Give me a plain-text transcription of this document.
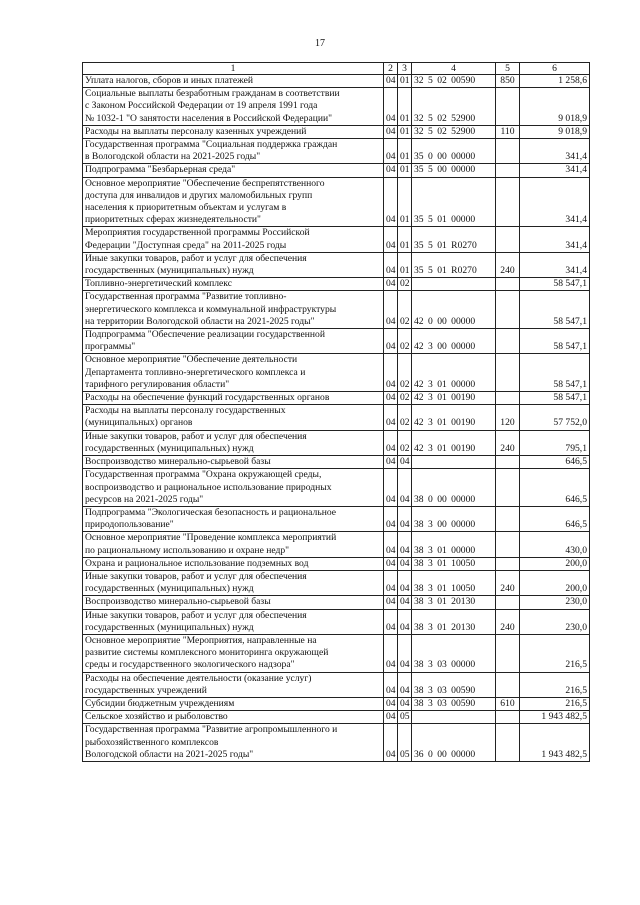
17
1	2	3	4	5	6
Уплата налогов, сборов и иных платежей	04	01	32 5 02 00590	850	1 258,6
Социальные выплаты безработным гражданам в соответствии
с Законом Российской Федерации от 19 апреля 1991 года
№ 1032-1 "О занятости населения в Российской Федерации"	04	01	32 5 02 52900		9 018,9
Расходы на выплаты персоналу казенных учреждений	04	01	32 5 02 52900	110	9 018,9
Государственная программа "Социальная поддержка граждан
в Вологодской области на 2021-2025 годы"	04	01	35 0 00 00000		341,4
Подпрограмма "Безбарьерная среда"	04	01	35 5 00 00000		341,4
Основное мероприятие "Обеспечение беспрепятственного
доступа для инвалидов и других маломобильных групп
населения к приоритетным объектам и услугам в
приоритетных сферах жизнедеятельности"	04	01	35 5 01 00000		341,4
Мероприятия государственной программы Российской
Федерации "Доступная среда" на 2011-2025 годы	04	01	35 5 01 R0270		341,4
Иные закупки товаров, работ и услуг для обеспечения
государственных (муниципальных) нужд	04	01	35 5 01 R0270	240	341,4
Топливно-энергетический комплекс	04	02			58 547,1
Государственная программа "Развитие топливно-
энергетического комплекса и коммунальной инфраструктуры
на территории Вологодской области на 2021-2025 годы"	04	02	42 0 00 00000		58 547,1
Подпрограмма "Обеспечение реализации государственной
программы"	04	02	42 3 00 00000		58 547,1
Основное мероприятие "Обеспечение деятельности
Департамента топливно-энергетического комплекса и
тарифного регулирования области"	04	02	42 3 01 00000		58 547,1
Расходы на обеспечение функций государственных органов	04	02	42 3 01 00190		58 547,1
Расходы на выплаты персоналу государственных
(муниципальных) органов	04	02	42 3 01 00190	120	57 752,0
Иные закупки товаров, работ и услуг для обеспечения
государственных (муниципальных) нужд	04	02	42 3 01 00190	240	795,1
Воспроизводство минерально-сырьевой базы	04	04			646,5
Государственная программа "Охрана окружающей среды,
воспроизводство и рациональное использование природных
ресурсов на 2021-2025 годы"	04	04	38 0 00 00000		646,5
Подпрограмма "Экологическая безопасность и рациональное
природопользование"	04	04	38 3 00 00000		646,5
Основное мероприятие "Проведение комплекса мероприятий
по рациональному использованию и охране недр"	04	04	38 3 01 00000		430,0
Охрана и рациональное использование подземных вод	04	04	38 3 01 10050		200,0
Иные закупки товаров, работ и услуг для обеспечения
государственных (муниципальных) нужд	04	04	38 3 01 10050	240	200,0
Воспроизводство минерально-сырьевой базы	04	04	38 3 01 20130		230,0
Иные закупки товаров, работ и услуг для обеспечения
государственных (муниципальных) нужд	04	04	38 3 01 20130	240	230,0
Основное мероприятие "Мероприятия, направленные на
развитие системы комплексного мониторинга окружающей
среды и государственного экологического надзора"	04	04	38 3 03 00000		216,5
Расходы на обеспечение деятельности (оказание услуг)
государственных учреждений	04	04	38 3 03 00590		216,5
Субсидии бюджетным учреждениям	04	04	38 3 03 00590	610	216,5
Сельское хозяйство и рыболовство	04	05			1 943 482,5
Государственная программа "Развитие агропромышленного и
рыбохозяйственного комплексов
Вологодской области на 2021-2025 годы"	04	05	36 0 00 00000		1 943 482,5
